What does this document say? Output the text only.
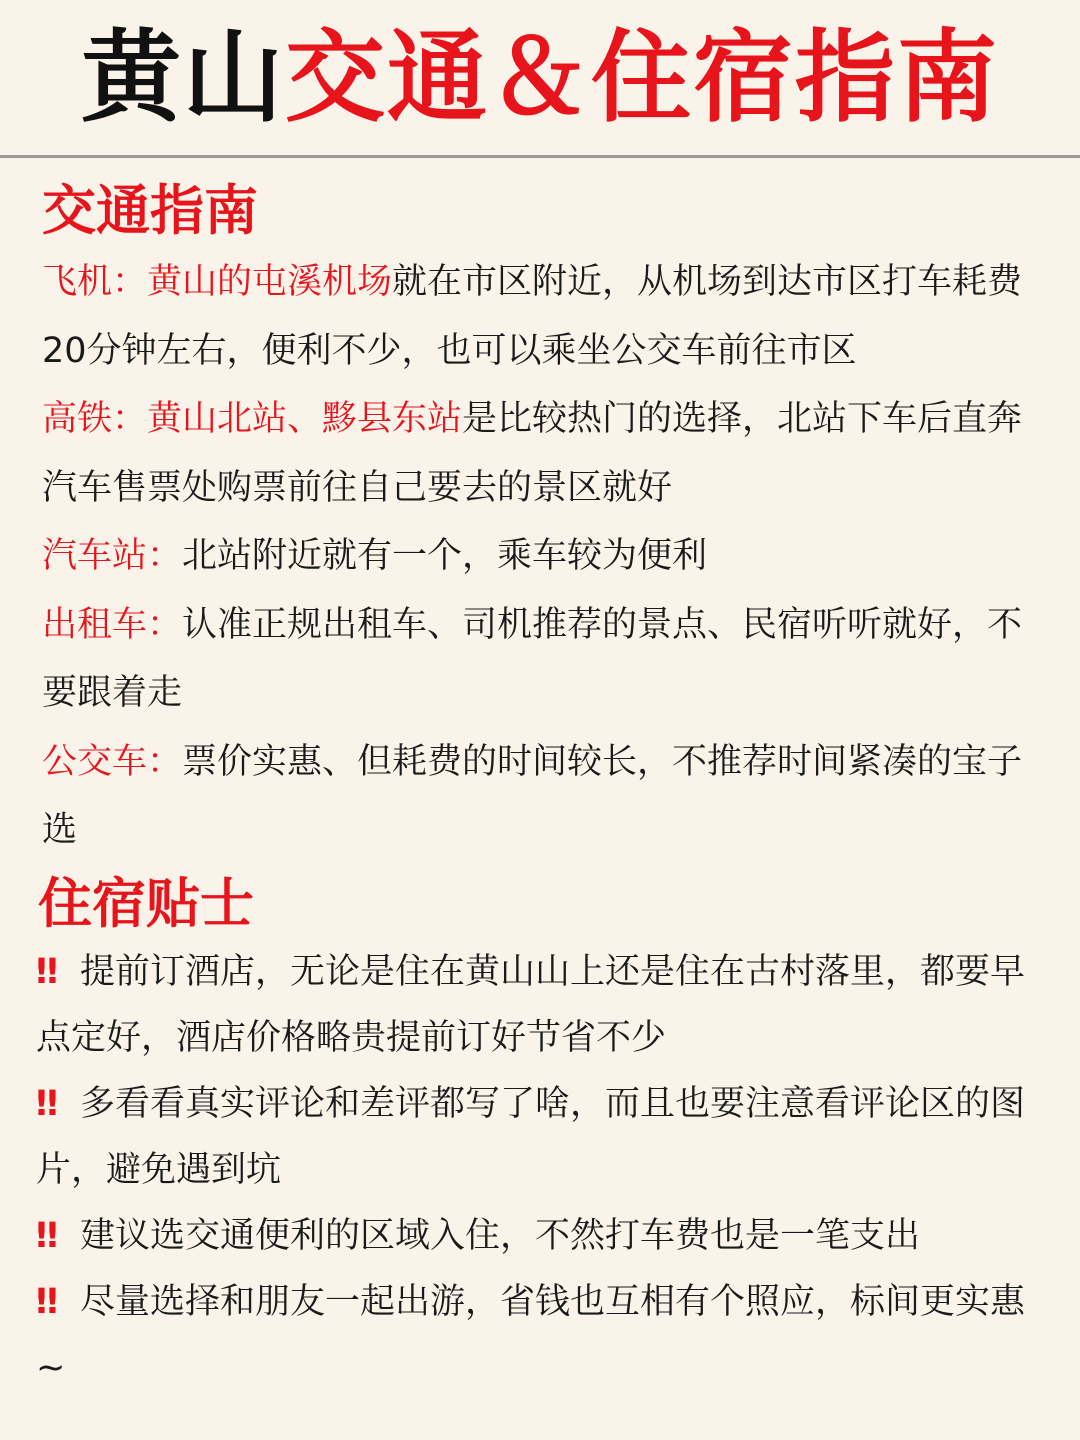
黄山交通＆住宿指南
交通指南

飞机：黄山的屯溪机场就在市区附近，从机场到达市区打车耗费20分钟左右，便利不少，也可以乘坐公交车前往市区

高铁：黄山北站、黟县东站是比较热门的选择，北站下车后直奔汽车售票处购票前往自己要去的景区就好

汽车站：北站附近就有一个，乘车较为便利

出租车：认准正规出租车、司机推荐的景点、民宿听听就好，不要跟着走

公交车：票价实惠、但耗费的时间较长，不推荐时间紧凑的宝子选

住宿贴士

‼ 提前订酒店，无论是住在黄山山上还是住在古村落里，都要早点定好，酒店价格略贵提前订好节省不少

‼ 多看看真实评论和差评都写了啥，而且也要注意看评论区的图片，避免遇到坑

‼ 建议选交通便利的区域入住，不然打车费也是一笔支出

‼ 尽量选择和朋友一起出游，省钱也互相有个照应，标间更实惠~
